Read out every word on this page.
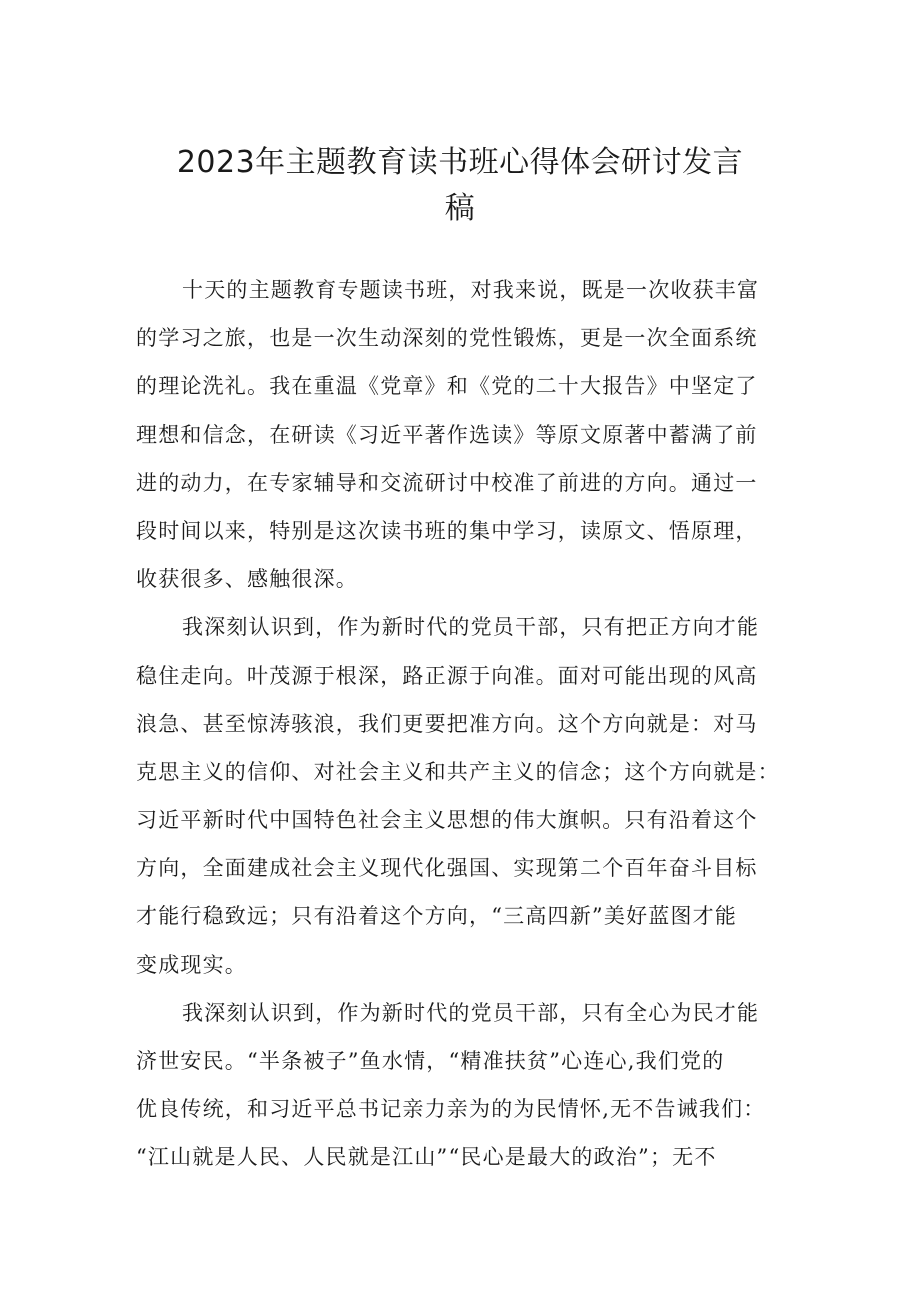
2023年主题教育读书班心得体会研讨发言
稿

十天的主题教育专题读书班，对我来说，既是一次收获丰富
的学习之旅，也是一次生动深刻的党性锻炼，更是一次全面系统
的理论洗礼。我在重温《党章》和《党的二十大报告》中坚定了
理想和信念，在研读《习近平著作选读》等原文原著中蓄满了前
进的动力，在专家辅导和交流研讨中校准了前进的方向。通过一
段时间以来，特别是这次读书班的集中学习，读原文、悟原理，
收获很多、感触很深。

我深刻认识到，作为新时代的党员干部，只有把正方向才能
稳住走向。叶茂源于根深，路正源于向准。面对可能出现的风高
浪急、甚至惊涛骇浪，我们更要把准方向。这个方向就是：对马
克思主义的信仰、对社会主义和共产主义的信念；这个方向就是：
习近平新时代中国特色社会主义思想的伟大旗帜。只有沿着这个
方向，全面建成社会主义现代化强国、实现第二个百年奋斗目标
才能行稳致远；只有沿着这个方向，“三高四新”美好蓝图才能
变成现实。

我深刻认识到，作为新时代的党员干部，只有全心为民才能
济世安民。“半条被子”鱼水情，“精准扶贫”心连心,我们党的
优良传统，和习近平总书记亲力亲为的为民情怀,无不告诫我们：
“江山就是人民、人民就是江山”“民心是最大的政治”；无不
